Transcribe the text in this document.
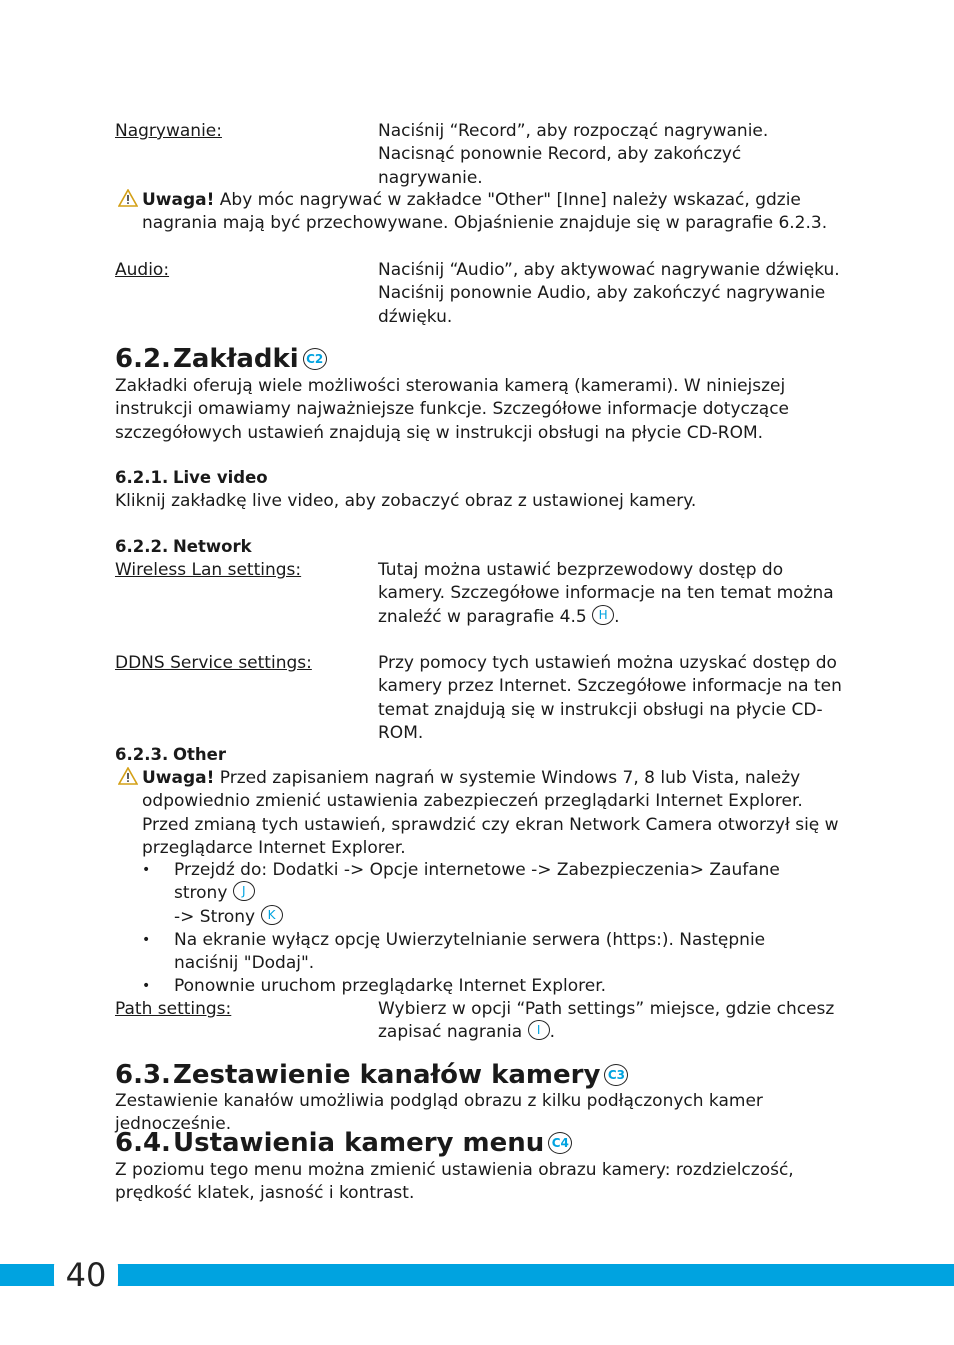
Nagrywanie:	Naciśnij “Record”, aby rozpocząć nagrywanie. Nacisnąć ponownie Record, aby zakończyć nagrywanie.
Uwaga! Aby móc nagrywać w zakładce "Other" [Inne] należy wskazać, gdzie nagrania mają być przechowywane. Objaśnienie znajduje się w paragrafie 6.2.3.
Audio:	Naciśnij “Audio”, aby aktywować nagrywanie dźwięku. Naciśnij ponownie Audio, aby zakończyć nagrywanie dźwięku.
6.2.Zakładki C2
Zakładki oferują wiele możliwości sterowania kamerą (kamerami). W niniejszej instrukcji omawiamy najważniejsze funkcje. Szczegółowe informacje dotyczące szczegółowych ustawień znajdują się w instrukcji obsługi na płycie CD-ROM.
6.2.1. Live video
Kliknij zakładkę live video, aby zobaczyć obraz z ustawionej kamery.
6.2.2. Network
Wireless Lan settings:	Tutaj można ustawić bezprzewodowy dostęp do kamery. Szczegółowe informacje na ten temat można znaleźć w paragrafie 4.5 H .
DDNS Service settings:	Przy pomocy tych ustawień można uzyskać dostęp do kamery przez Internet. Szczegółowe informacje na ten temat znajdują się w instrukcji obsługi na płycie CD-ROM.
6.2.3. Other
Uwaga! Przed zapisaniem nagrań w systemie Windows 7, 8 lub Vista, należy odpowiednio zmienić ustawienia zabezpieczeń przeglądarki Internet Explorer.
Przed zmianą tych ustawień, sprawdzić czy ekran Network Camera otworzył się w przeglądarce Internet Explorer.
• Przejdź do: Dodatki -> Opcje internetowe -> Zabezpieczenia> Zaufane strony J
-> Strony K
• Na ekranie wyłącz opcję Uwierzytelnianie serwera (https:). Następnie naciśnij "Dodaj".
• Ponownie uruchom przeglądarkę Internet Explorer.
Path settings:	Wybierz w opcji “Path settings” miejsce, gdzie chcesz zapisać nagrania I .
6.3.Zestawienie kanałów kamery C3
Zestawienie kanałów umożliwia podgląd obrazu z kilku podłączonych kamer jednocześnie.
6.4.Ustawienia kamery menu C4
Z poziomu tego menu można zmienić ustawienia obrazu kamery: rozdzielczość, prędkość klatek, jasność i kontrast.
40
